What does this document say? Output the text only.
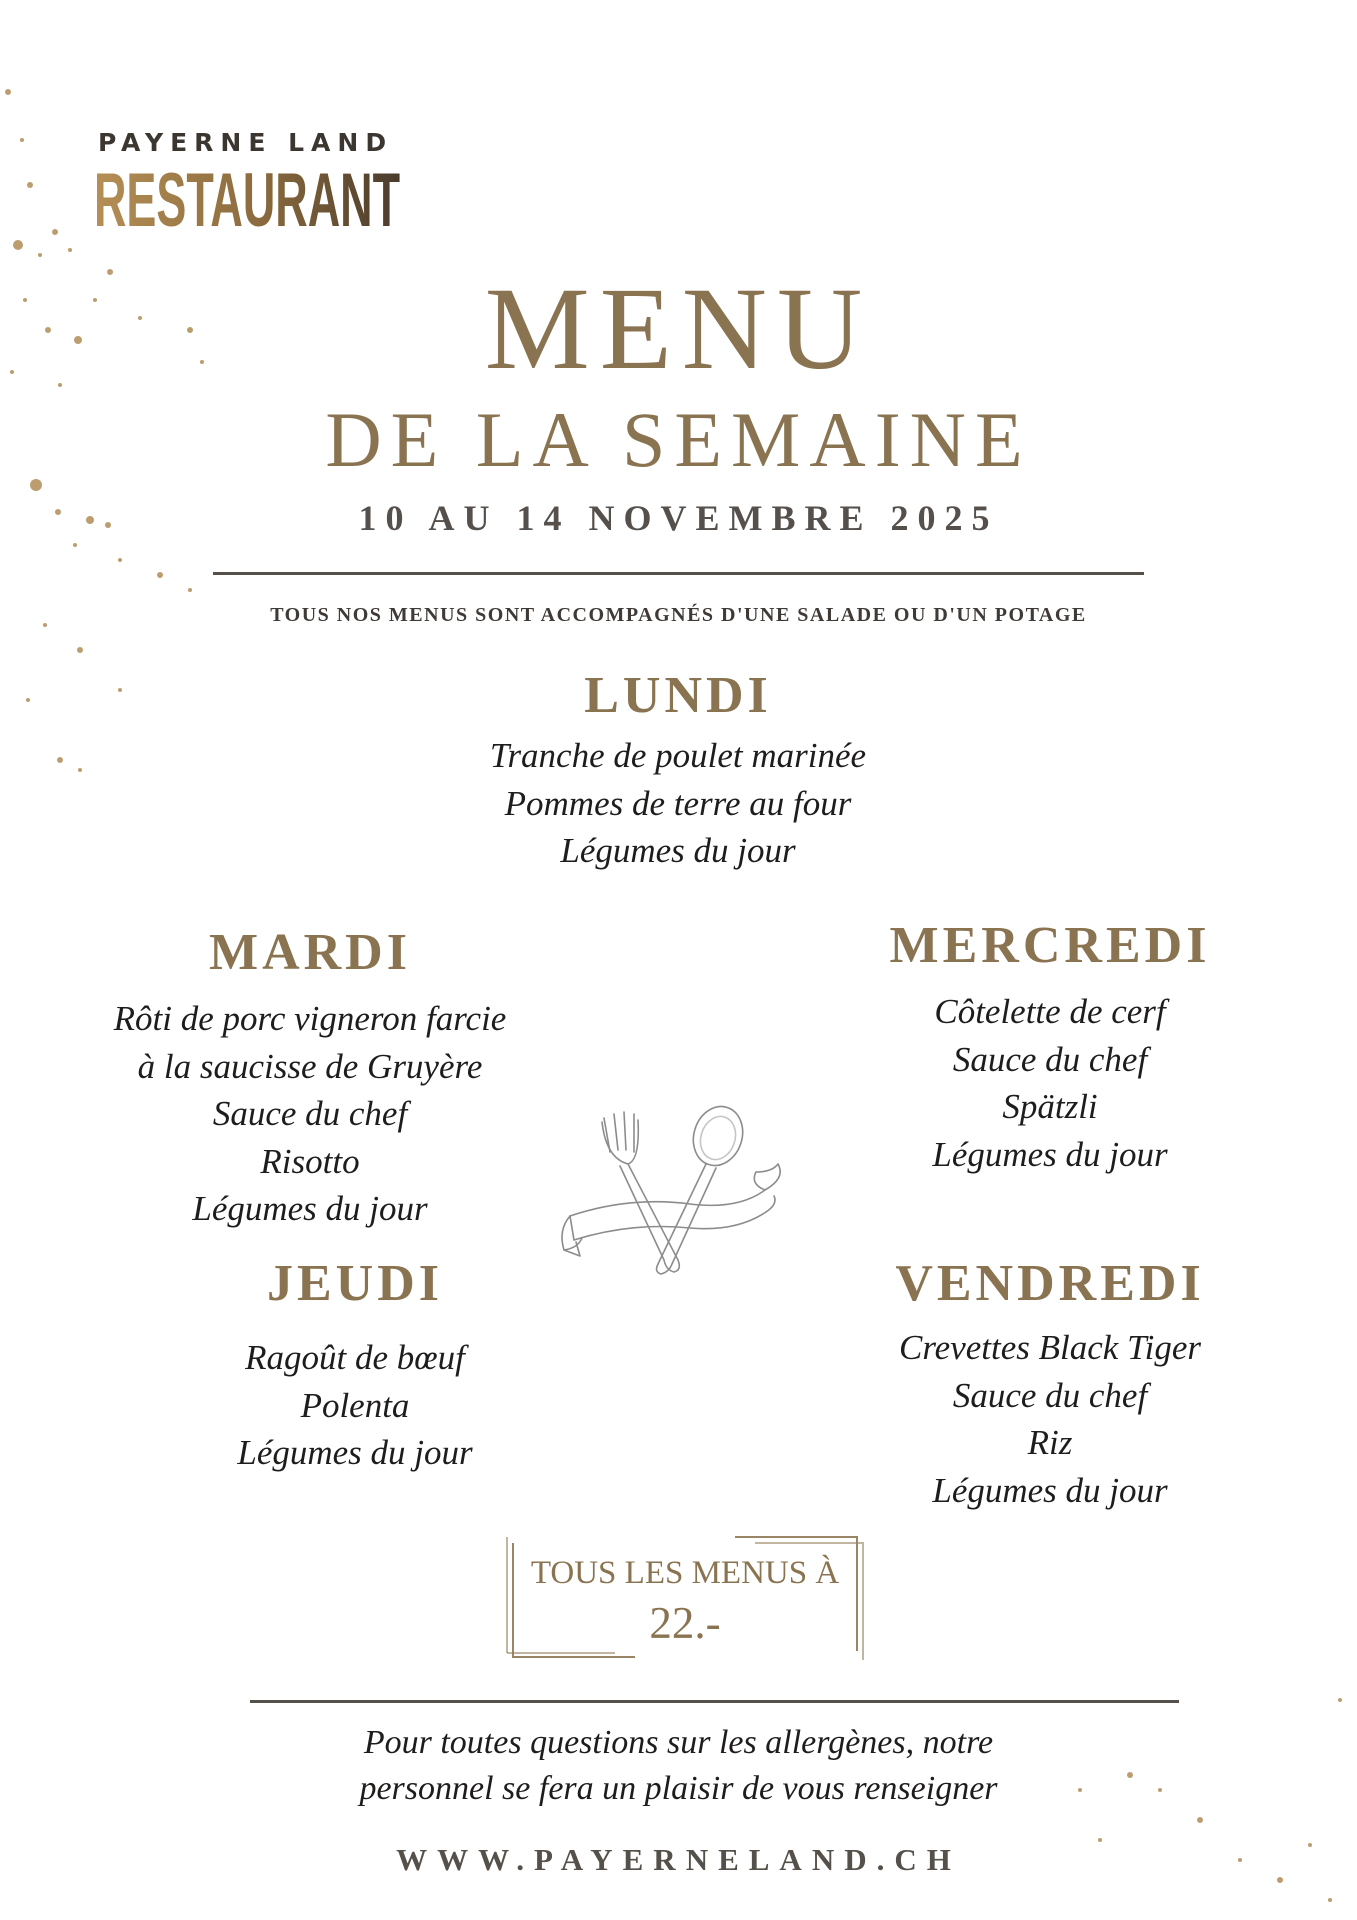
PAYERNE LAND
RESTAURANT
MENU
DE LA SEMAINE
10 AU 14 NOVEMBRE 2025
TOUS NOS MENUS SONT ACCOMPAGNÉS D'UNE SALADE OU D'UN POTAGE
LUNDI
Tranche de poulet marinée
Pommes de terre au four
Légumes du jour
MARDI
Rôti de porc vigneron farcie
à la saucisse de Gruyère
Sauce du chef
Risotto
Légumes du jour
MERCREDI
Côtelette de cerf
Sauce du chef
Spätzli
Légumes du jour
JEUDI
Ragoût de bœuf
Polenta
Légumes du jour
VENDREDI
Crevettes Black Tiger
Sauce du chef
Riz
Légumes du jour
TOUS LES MENUS À
22.-
Pour toutes questions sur les allergènes, notre
personnel se fera un plaisir de vous renseigner
WWW.PAYERNELAND.CH
